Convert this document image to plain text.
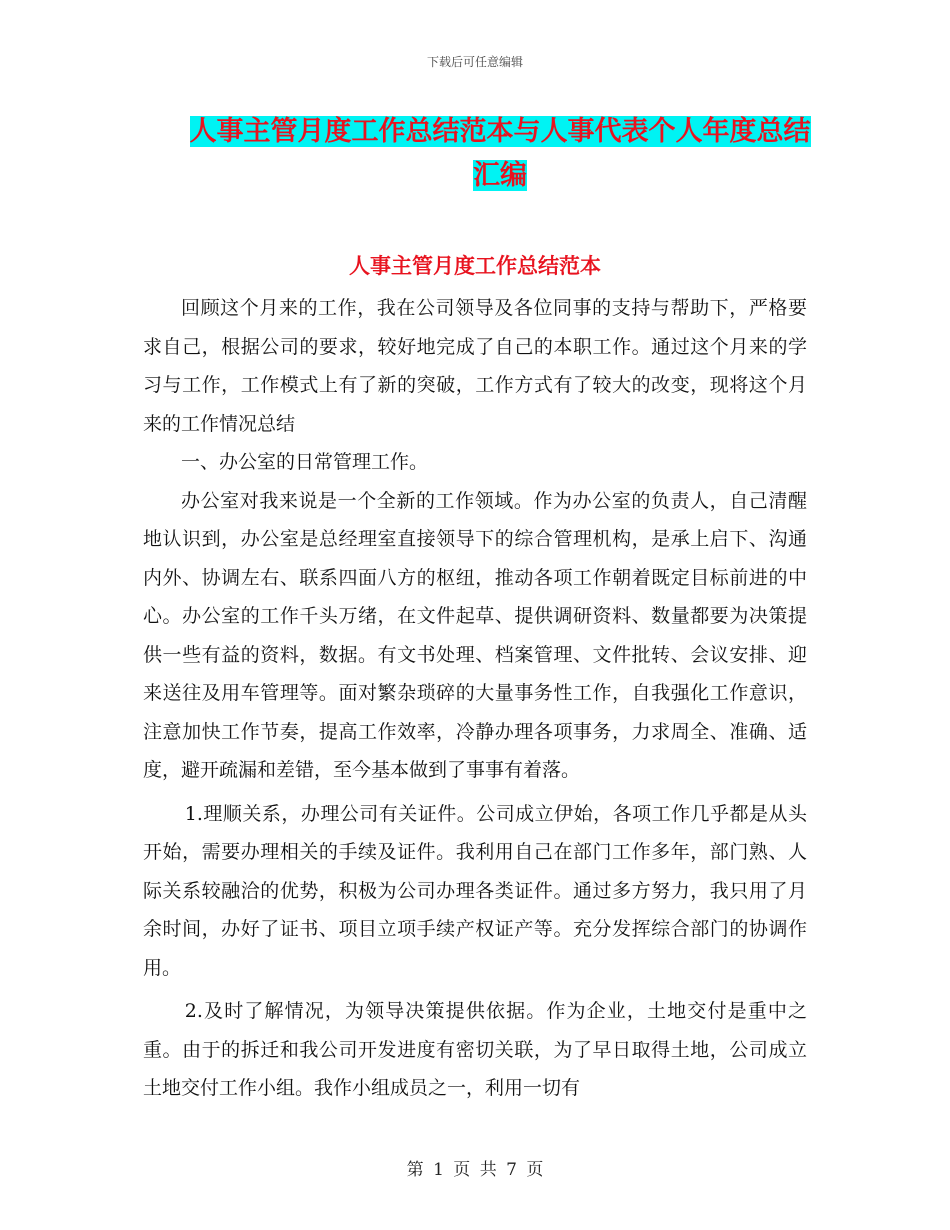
下载后可任意编辑
人事主管月度工作总结范本与人事代表个人年度总结
汇编
人事主管月度工作总结范本

回顾这个月来的工作，我在公司领导及各位同事的支持与帮助下，严格要求自己，根据公司的要求，较好地完成了自己的本职工作。通过这个月来的学习与工作，工作模式上有了新的突破，工作方式有了较大的改变，现将这个月来的工作情况总结

一、办公室的日常管理工作。

办公室对我来说是一个全新的工作领域。作为办公室的负责人，自己清醒地认识到，办公室是总经理室直接领导下的综合管理机构，是承上启下、沟通内外、协调左右、联系四面八方的枢纽，推动各项工作朝着既定目标前进的中心。办公室的工作千头万绪，在文件起草、提供调研资料、数量都要为决策提供一些有益的资料，数据。有文书处理、档案管理、文件批转、会议安排、迎来送往及用车管理等。面对繁杂琐碎的大量事务性工作，自我强化工作意识，注意加快工作节奏，提高工作效率，冷静办理各项事务，力求周全、准确、适度，避开疏漏和差错，至今基本做到了事事有着落。

1.理顺关系，办理公司有关证件。公司成立伊始，各项工作几乎都是从头开始，需要办理相关的手续及证件。我利用自己在部门工作多年，部门熟、人际关系较融洽的优势，积极为公司办理各类证件。通过多方努力，我只用了月余时间，办好了证书、项目立项手续产权证产等。充分发挥综合部门的协调作用。

2.及时了解情况，为领导决策提供依据。作为企业，土地交付是重中之重。由于的拆迁和我公司开发进度有密切关联，为了早日取得土地，公司成立土地交付工作小组。我作小组成员之一，利用一切有

第 1 页 共 7 页
